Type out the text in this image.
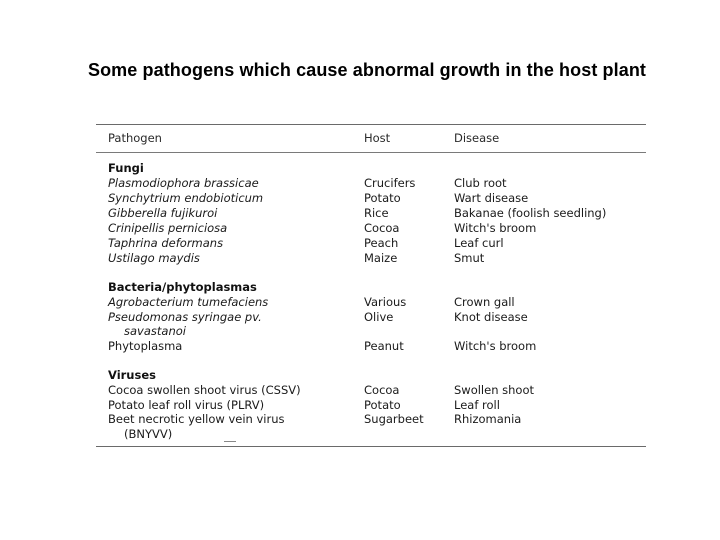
Some pathogens which cause abnormal growth in the host plant
Pathogen	Host	Disease
Fungi
Plasmodiophora brassicae	Crucifers	Club root
Synchytrium endobioticum	Potato	Wart disease
Gibberella fujikuroi	Rice	Bakanae (foolish seedling)
Crinipellis perniciosa	Cocoa	Witch's broom
Taphrina deformans	Peach	Leaf curl
Ustilago maydis	Maize	Smut
Bacteria/phytoplasmas
Agrobacterium tumefaciens	Various	Crown gall
Pseudomonas syringae pv.	Olive	Knot disease
savastanoi
Phytoplasma	Peanut	Witch's broom
Viruses
Cocoa swollen shoot virus (CSSV)	Cocoa	Swollen shoot
Potato leaf roll virus (PLRV)	Potato	Leaf roll
Beet necrotic yellow vein virus	Sugarbeet	Rhizomania
(BNYVV)
